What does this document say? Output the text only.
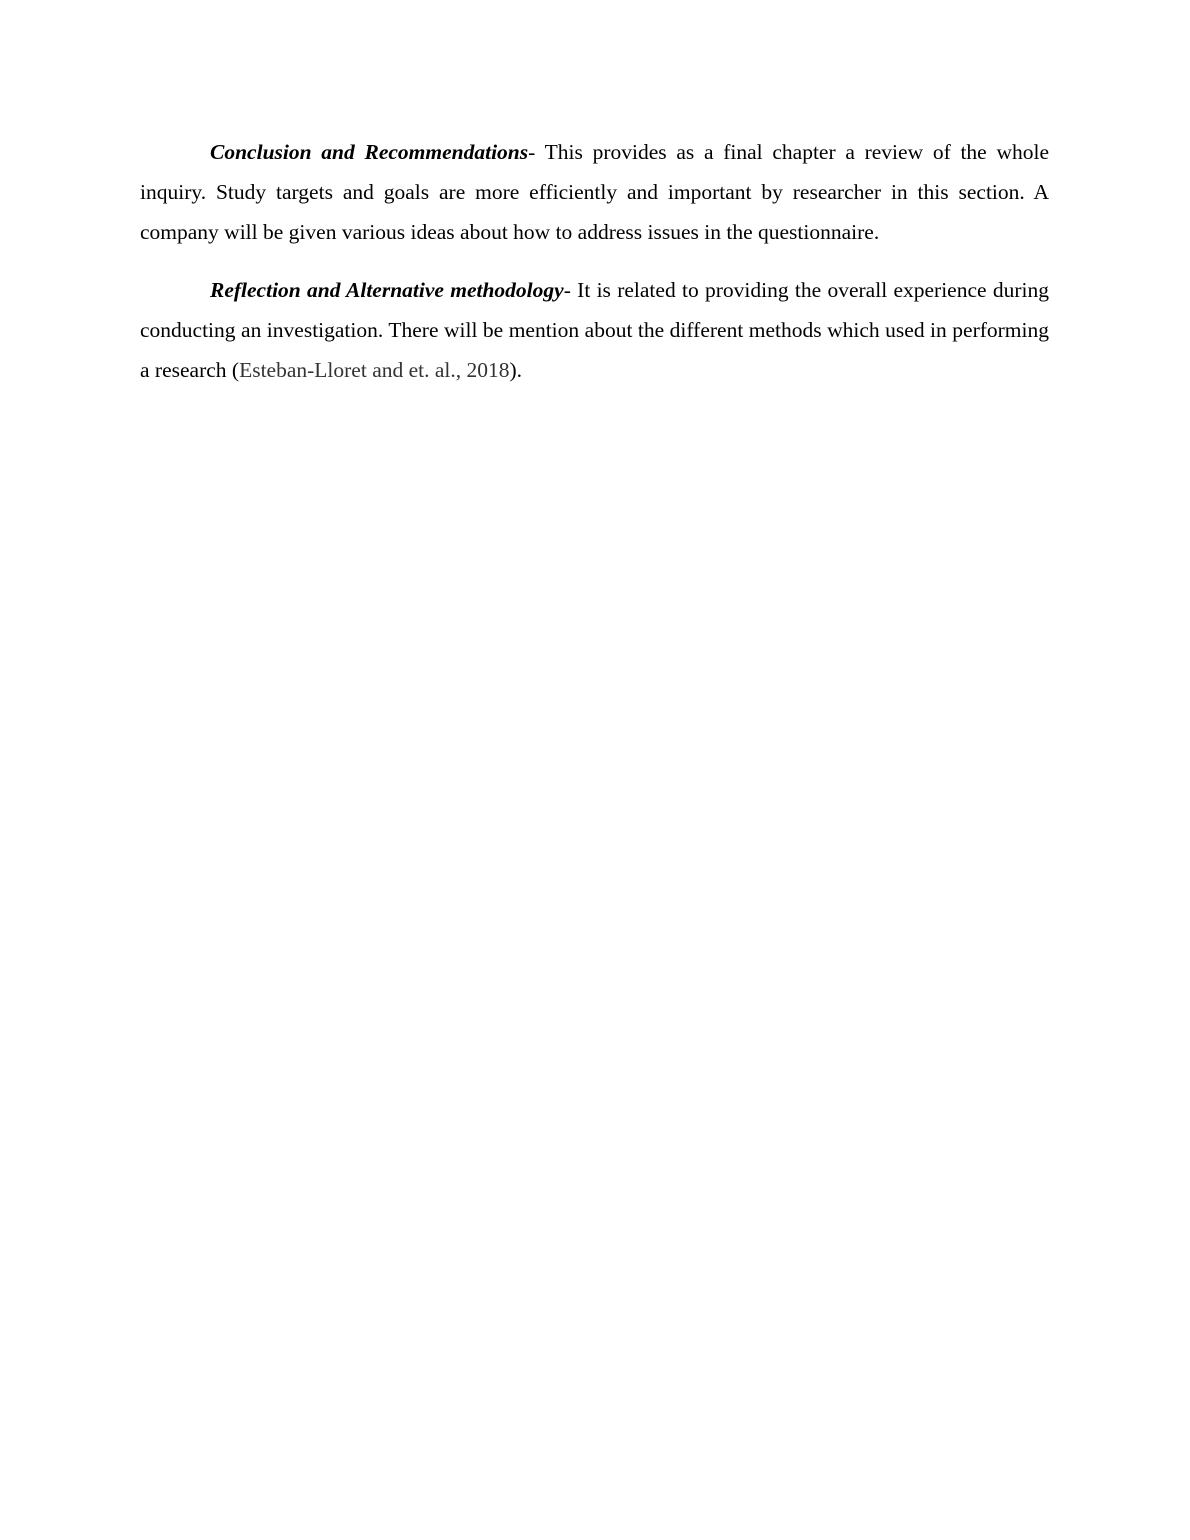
Conclusion and Recommendations- This provides as a final chapter a review of the whole inquiry. Study targets and goals are more efficiently and important by researcher in this section. A company will be given various ideas about how to address issues in the questionnaire.

Reflection and Alternative methodology- It is related to providing the overall experience during conducting an investigation. There will be mention about the different methods which used in performing a research (Esteban-Lloret and et. al., 2018).
